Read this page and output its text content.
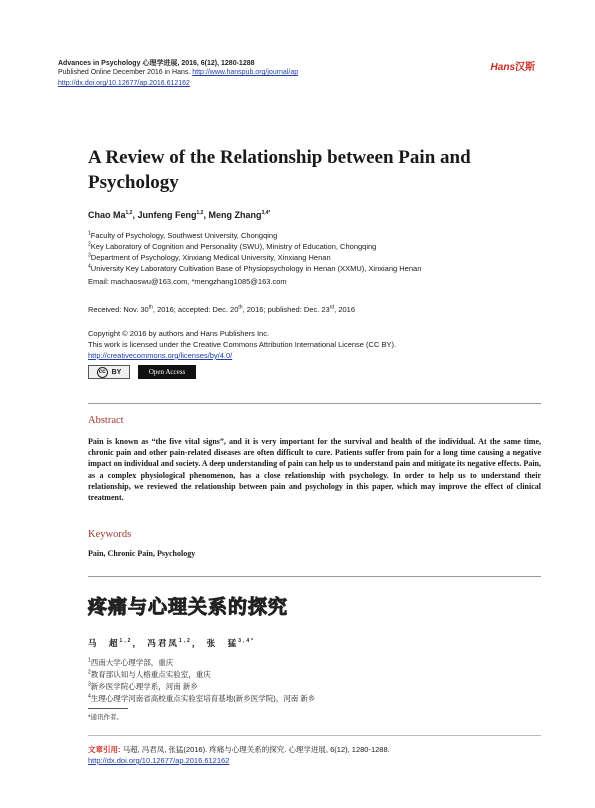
Advances in Psychology 心理学进展, 2016, 6(12), 1280-1288
Published Online December 2016 in Hans. http://www.hanspub.org/journal/ap
http://dx.doi.org/10.12677/ap.2016.612162
Hans汉斯
A Review of the Relationship between Pain and Psychology
Chao Ma$^{1,2}$, Junfeng Feng$^{1,2}$, Meng Zhang$^{3,4*}$
$^1$Faculty of Psychology, Southwest University, Chongqing
$^2$Key Laboratory of Cognition and Personality (SWU), Ministry of Education, Chongqing
$^3$Department of Psychology, Xinxiang Medical University, Xinxiang Henan
$^4$University Key Laboratory Cultivation Base of Physiopsychology in Henan (XXMU), Xinxiang Henan
Email: machaoswu@163.com, *mengzhang1085@163.com
Received: Nov. 30th, 2016; accepted: Dec. 20th, 2016; published: Dec. 23rd, 2016
Copyright © 2016 by authors and Hans Publishers Inc.
This work is licensed under the Creative Commons Attribution International License (CC BY).
http://creativecommons.org/licenses/by/4.0/
cc BY	Open Access
Abstract
Pain is known as “the five vital signs”, and it is very important for the survival and health of the individual. At the same time, chronic pain and other pain-related diseases are often difficult to cure. Patients suffer from pain for a long time causing a negative impact on individual and society. A deep understanding of pain can help us to understand pain and mitigate its negative effects. Pain, as a complex physiological phenomenon, has a close relationship with psychology. In order to help us to understand their relationship, we reviewed the relationship between pain and psychology in this paper, which may improve the effect of clinical treatment.
Keywords
Pain, Chronic Pain, Psychology
疼痛与心理关系的探究
马　超$^{1,2}$， 冯君凤$^{1,2}$， 张　猛$^{3,4*}$
$^1$西南大学心理学部，重庆
$^2$教育部认知与人格重点实验室，重庆
$^3$新乡医学院心理学系，河南 新乡
$^4$生理心理学河南省高校重点实验室培育基地(新乡医学院)，河南 新乡
*通讯作者。
文章引用: 马超, 冯君凤, 张猛(2016). 疼痛与心理关系的探究. 心理学进展, 6(12), 1280-1288.
http://dx.doi.org/10.12677/ap.2016.612162
